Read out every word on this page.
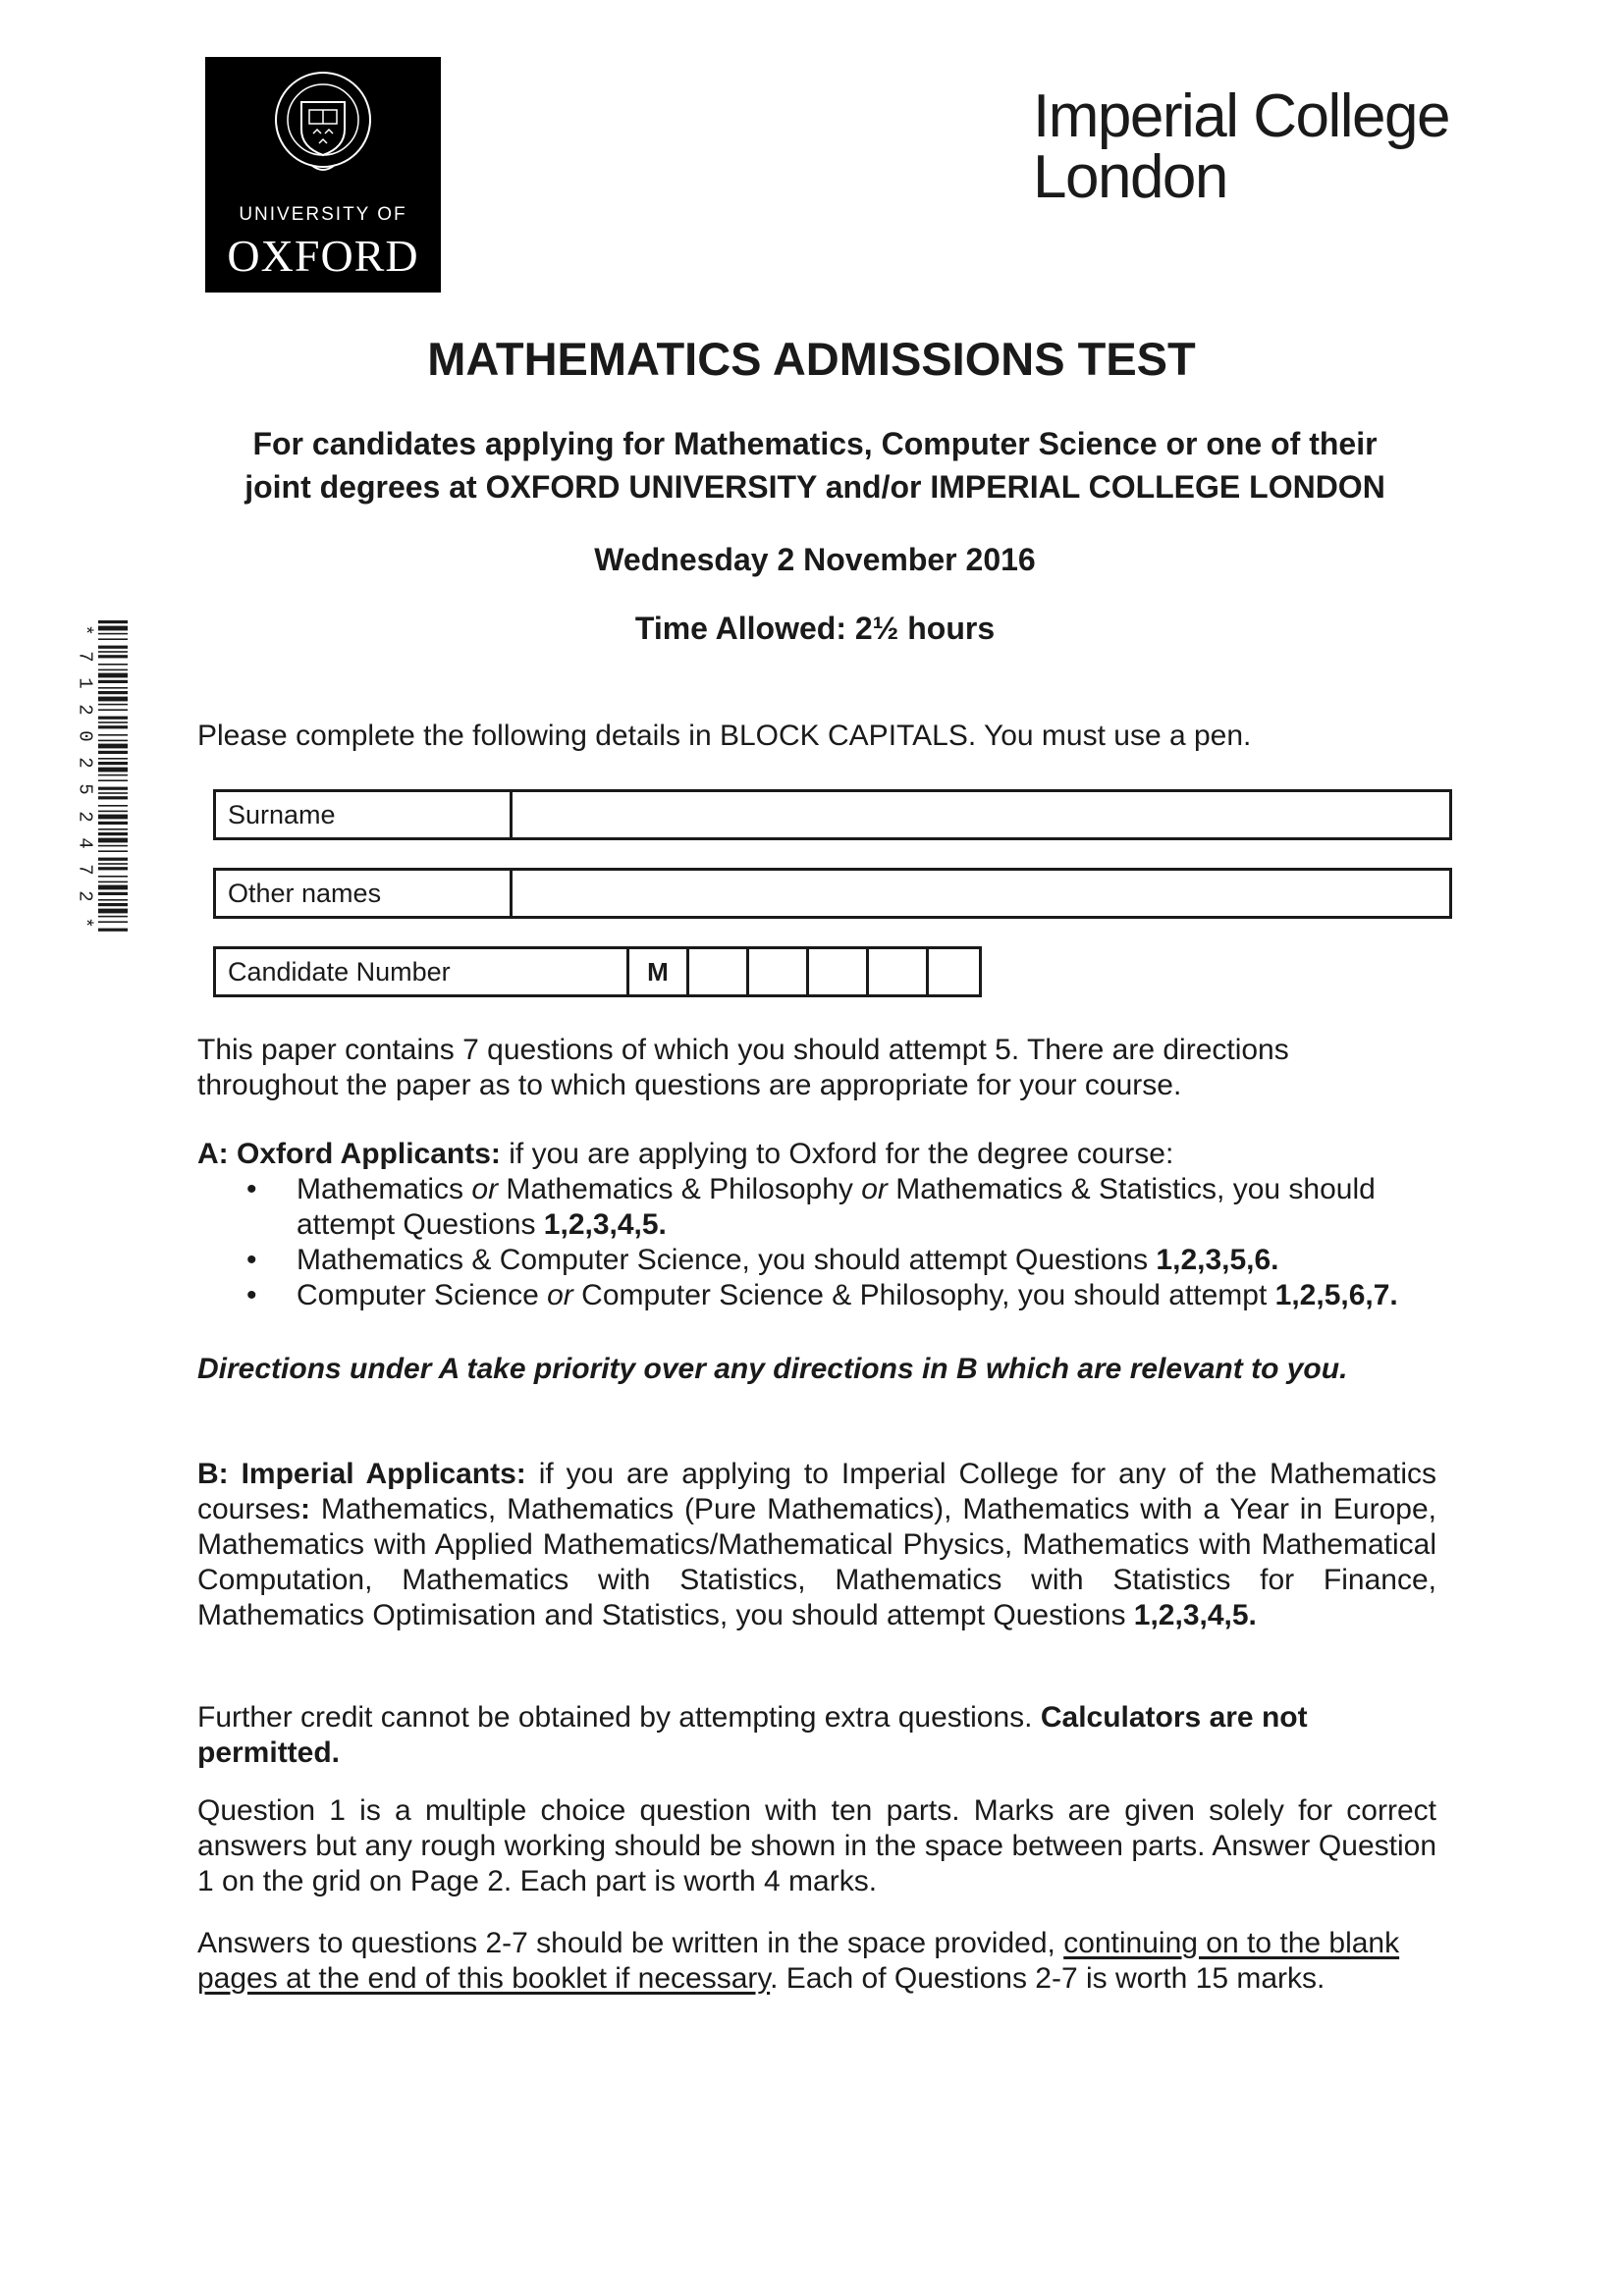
UNIVERSITY OF
OXFORD
Imperial College
London
*
7
1
2
0
2
5
2
4
7
2
*
MATHEMATICS ADMISSIONS TEST
For candidates applying for Mathematics, Computer Science or one of their
joint degrees at OXFORD UNIVERSITY and/or IMPERIAL COLLEGE LONDON
Wednesday 2 November 2016
Time Allowed: 2½ hours
Please complete the following details in BLOCK CAPITALS. You must use a pen.
Surname
Other names
Candidate Number	M
This paper contains 7 questions of which you should attempt 5. There are directions throughout the paper as to which questions are appropriate for your course.
A: Oxford Applicants: if you are applying to Oxford for the degree course:
• Mathematics or Mathematics & Philosophy or Mathematics & Statistics, you should attempt Questions 1,2,3,4,5.
• Mathematics & Computer Science, you should attempt Questions 1,2,3,5,6.
• Computer Science or Computer Science & Philosophy, you should attempt 1,2,5,6,7.
Directions under A take priority over any directions in B which are relevant to you.
B: Imperial Applicants: if you are applying to Imperial College for any of the Mathematics courses: Mathematics, Mathematics (Pure Mathematics), Mathematics with a Year in Europe, Mathematics with Applied Mathematics/Mathematical Physics, Mathematics with Mathematical Computation, Mathematics with Statistics, Mathematics with Statistics for Finance, Mathematics Optimisation and Statistics, you should attempt Questions 1,2,3,4,5.
Further credit cannot be obtained by attempting extra questions. Calculators are not permitted.
Question 1 is a multiple choice question with ten parts. Marks are given solely for correct answers but any rough working should be shown in the space between parts. Answer Question 1 on the grid on Page 2. Each part is worth 4 marks.
Answers to questions 2-7 should be written in the space provided, continuing on to the blank pages at the end of this booklet if necessary. Each of Questions 2-7 is worth 15 marks.
